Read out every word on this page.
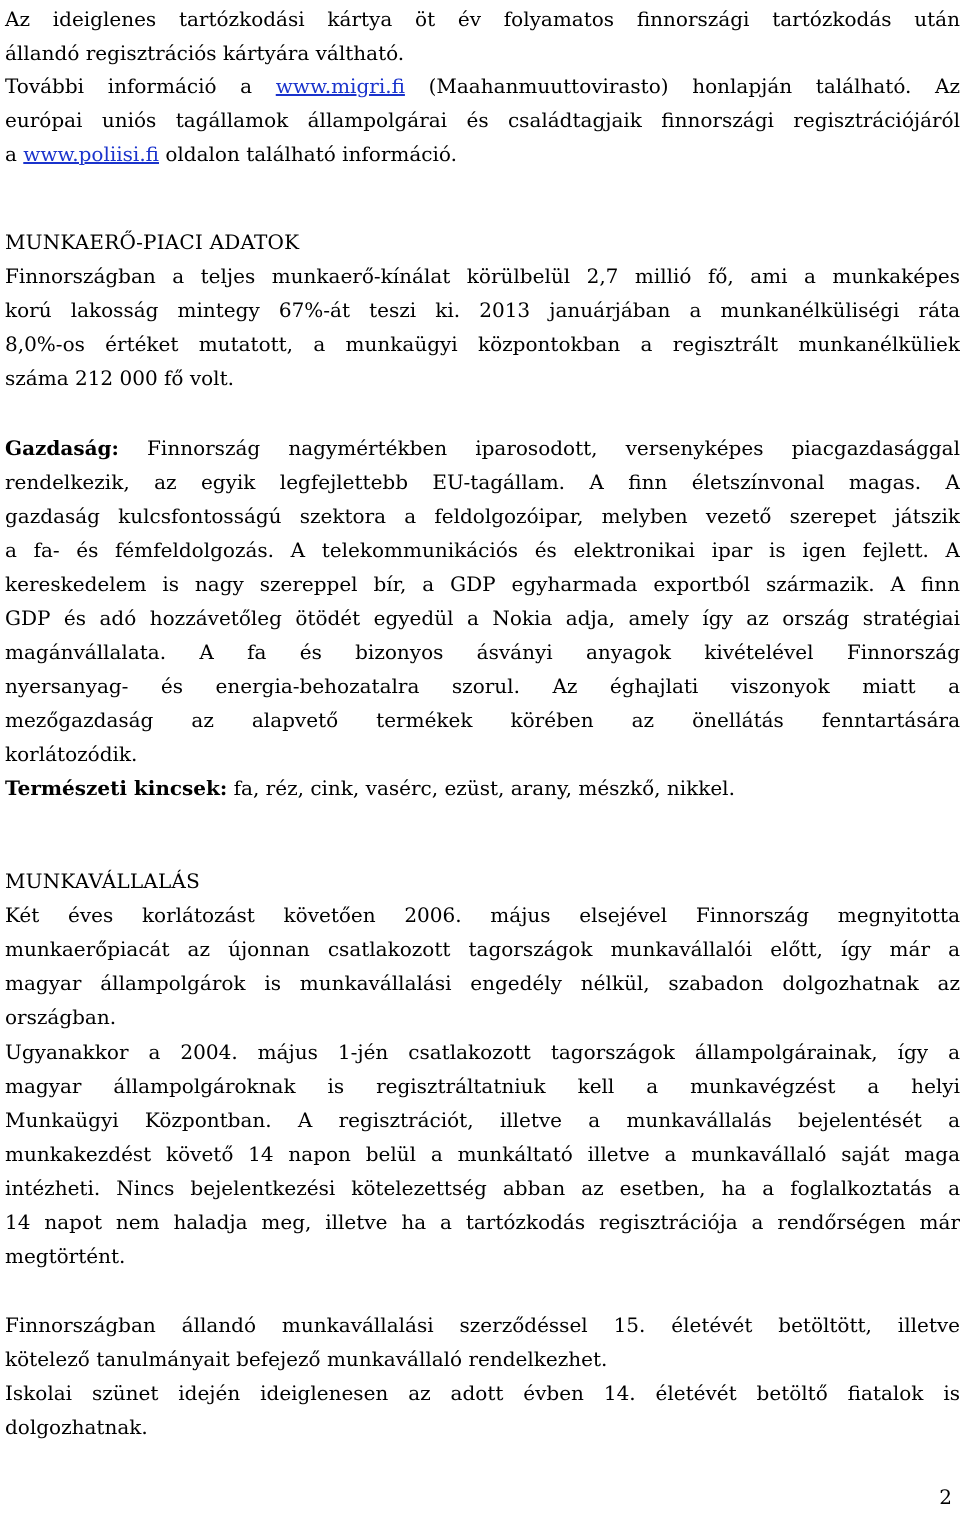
Az ideiglenes tartózkodási kártya öt év folyamatos finnországi tartózkodás után
állandó regisztrációs kártyára váltható.
További információ a www.migri.fi (Maahanmuuttovirasto) honlapján található. Az
európai uniós tagállamok állampolgárai és családtagjaik finnországi regisztrációjáról
a www.poliisi.fi oldalon található információ.
MUNKAERŐ-PIACI ADATOK
Finnországban a teljes munkaerő-kínálat körülbelül 2,7 millió fő, ami a munkaképes
korú lakosság mintegy 67%-át teszi ki. 2013 januárjában a munkanélküliségi ráta
8,0%-os értéket mutatott, a munkaügyi központokban a regisztrált munkanélküliek
száma 212 000 fő volt.
Gazdaság: Finnország nagymértékben iparosodott, versenyképes piacgazdasággal
rendelkezik, az egyik legfejlettebb EU-tagállam. A finn életszínvonal magas. A
gazdaság kulcsfontosságú szektora a feldolgozóipar, melyben vezető szerepet játszik
a fa- és fémfeldolgozás. A telekommunikációs és elektronikai ipar is igen fejlett. A
kereskedelem is nagy szereppel bír, a GDP egyharmada exportból származik. A finn
GDP és adó hozzávetőleg ötödét egyedül a Nokia adja, amely így az ország stratégiai
magánvállalata. A fa és bizonyos ásványi anyagok kivételével Finnország
nyersanyag- és energia-behozatalra szorul. Az éghajlati viszonyok miatt a
mezőgazdaság az alapvető termékek körében az önellátás fenntartására
korlátozódik.
Természeti kincsek: fa, réz, cink, vasérc, ezüst, arany, mészkő, nikkel.
MUNKAVÁLLALÁS
Két éves korlátozást követően 2006. május elsejével Finnország megnyitotta
munkaerőpiacát az újonnan csatlakozott tagországok munkavállalói előtt, így már a
magyar állampolgárok is munkavállalási engedély nélkül, szabadon dolgozhatnak az
országban.
Ugyanakkor a 2004. május 1-jén csatlakozott tagországok állampolgárainak, így a
magyar állampolgároknak is regisztráltatniuk kell a munkavégzést a helyi
Munkaügyi Központban. A regisztrációt, illetve a munkavállalás bejelentését a
munkakezdést követő 14 napon belül a munkáltató illetve a munkavállaló saját maga
intézheti. Nincs bejelentkezési kötelezettség abban az esetben, ha a foglalkoztatás a
14 napot nem haladja meg, illetve ha a tartózkodás regisztrációja a rendőrségen már
megtörtént.
Finnországban állandó munkavállalási szerződéssel 15. életévét betöltött, illetve
kötelező tanulmányait befejező munkavállaló rendelkezhet.
Iskolai szünet idején ideiglenesen az adott évben 14. életévét betöltő fiatalok is
dolgozhatnak.
2
